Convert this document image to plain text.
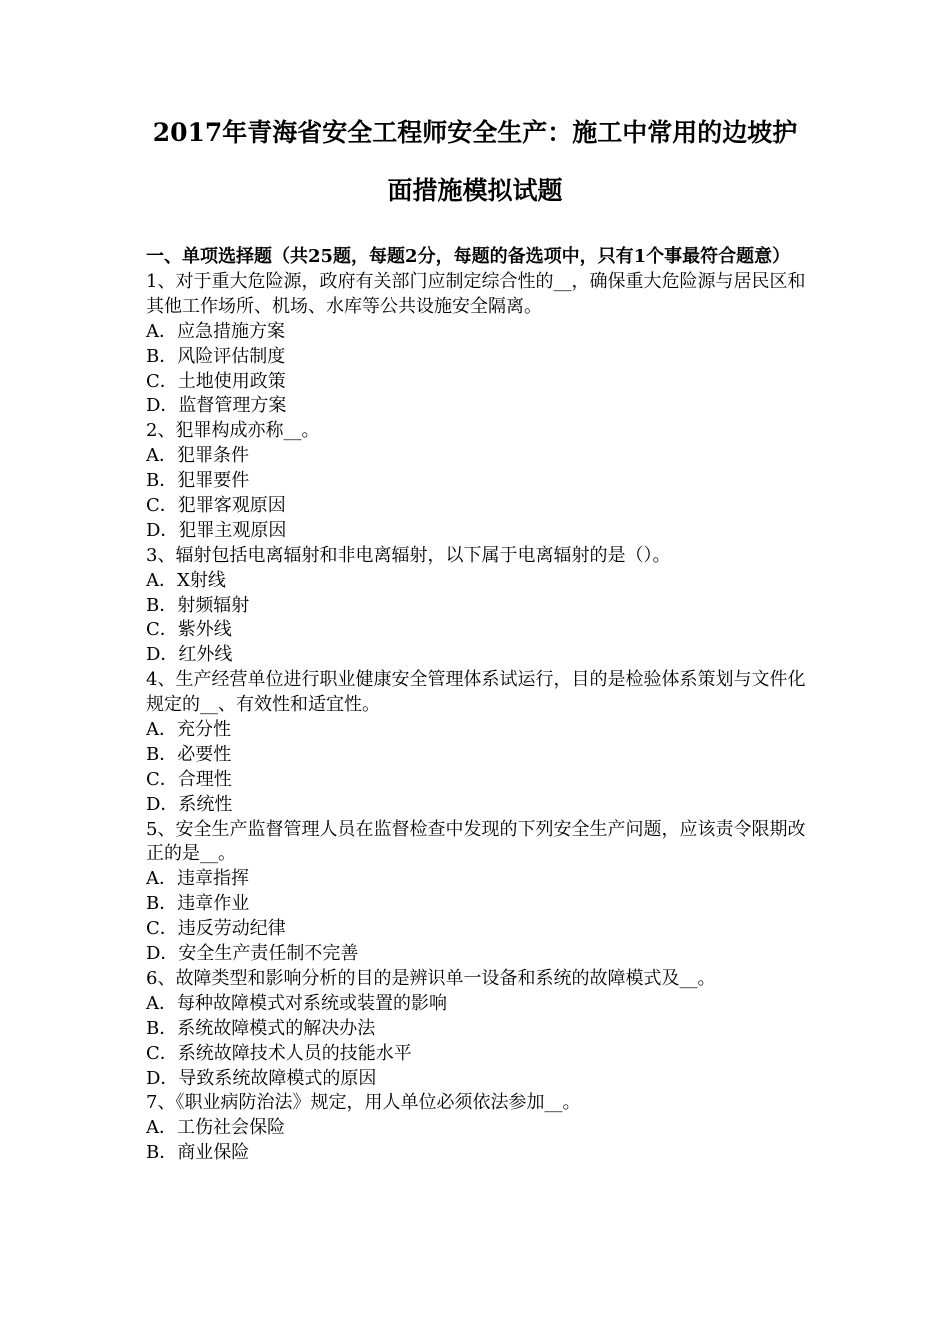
2017年青海省安全工程师安全生产：施工中常用的边坡护
面措施模拟试题
一、单项选择题（共25题，每题2分，每题的备选项中，只有1个事最符合题意）
1、对于重大危险源，政府有关部门应制定综合性的__，确保重大危险源与居民区和其他工作场所、机场、水库等公共设施安全隔离。
A．应急措施方案
B．风险评估制度
C．土地使用政策
D．监督管理方案
2、犯罪构成亦称__。
A．犯罪条件
B．犯罪要件
C．犯罪客观原因
D．犯罪主观原因
3、辐射包括电离辐射和非电离辐射，以下属于电离辐射的是（）。
A．X射线
B．射频辐射
C．紫外线
D．红外线
4、生产经营单位进行职业健康安全管理体系试运行，目的是检验体系策划与文件化规定的__、有效性和适宜性。
A．充分性
B．必要性
C．合理性
D．系统性
5、安全生产监督管理人员在监督检查中发现的下列安全生产问题，应该责令限期改正的是__。
A．违章指挥
B．违章作业
C．违反劳动纪律
D．安全生产责任制不完善
6、故障类型和影响分析的目的是辨识单一设备和系统的故障模式及__。
A．每种故障模式对系统或装置的影响
B．系统故障模式的解决办法
C．系统故障技术人员的技能水平
D．导致系统故障模式的原因
7、《职业病防治法》规定，用人单位必须依法参加__。
A．工伤社会保险
B．商业保险
